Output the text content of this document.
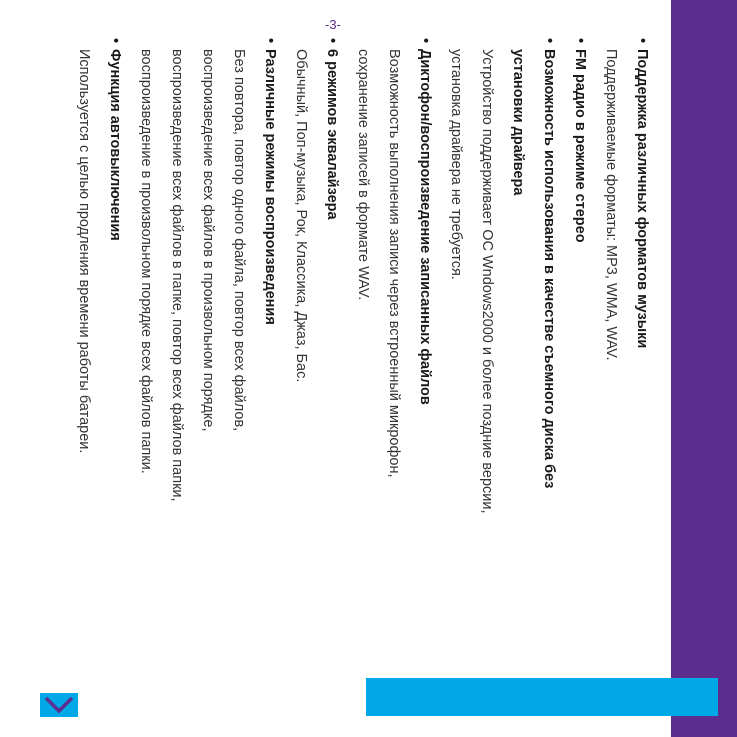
•
Поддержка различных форматов музыки
Поддерживаемые форматы: MP3, WMA, WAV.
•
FM радио в режиме стерео
•
Возможность использования в качестве съемного диска без
установки драйвера
Устройство поддерживает ОС Wndows2000 и более поздние версии,
установка драйвера не требуется.
•
Диктофон/воспроизведение записанных файлов
Возможность выполнения записи через встроенный микрофон,
сохранение записей в формате WAV.
•
6 режимов эквалайзера
Обычный, Поп-музыка, Рок, Классика, Джаз, Бас.
•
Различные режимы воспроизведения
Без повтора, повтор одного файла, повтор всех файлов,
воспроизведение всех файлов в произвольном порядке,
воспроизведение всех файлов в папке, повтор всех файлов папки,
воспроизведение в произвольном порядке всех файлов папки.
•
Функция автовыключения
Используется с целью продления времени работы батареи.
-3-
